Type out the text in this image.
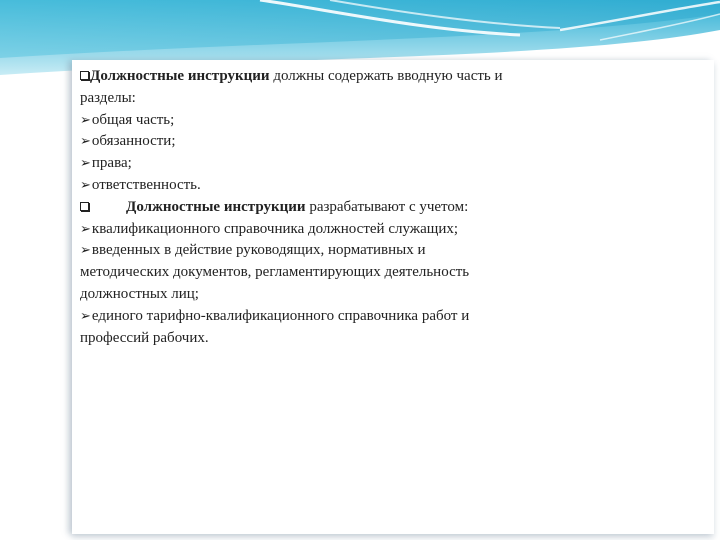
Должностные инструкции должны содержать вводную часть и
разделы:
➢общая часть;
➢обязанности;
➢права;
➢ответственность.
Должностные инструкции разрабатывают с учетом:
➢квалификационного справочника должностей служащих;
➢введенных в действие руководящих, нормативных и
методических документов, регламентирующих деятельность
должностных лиц;
➢единого тарифно-квалификационного справочника работ и
профессий рабочих.
